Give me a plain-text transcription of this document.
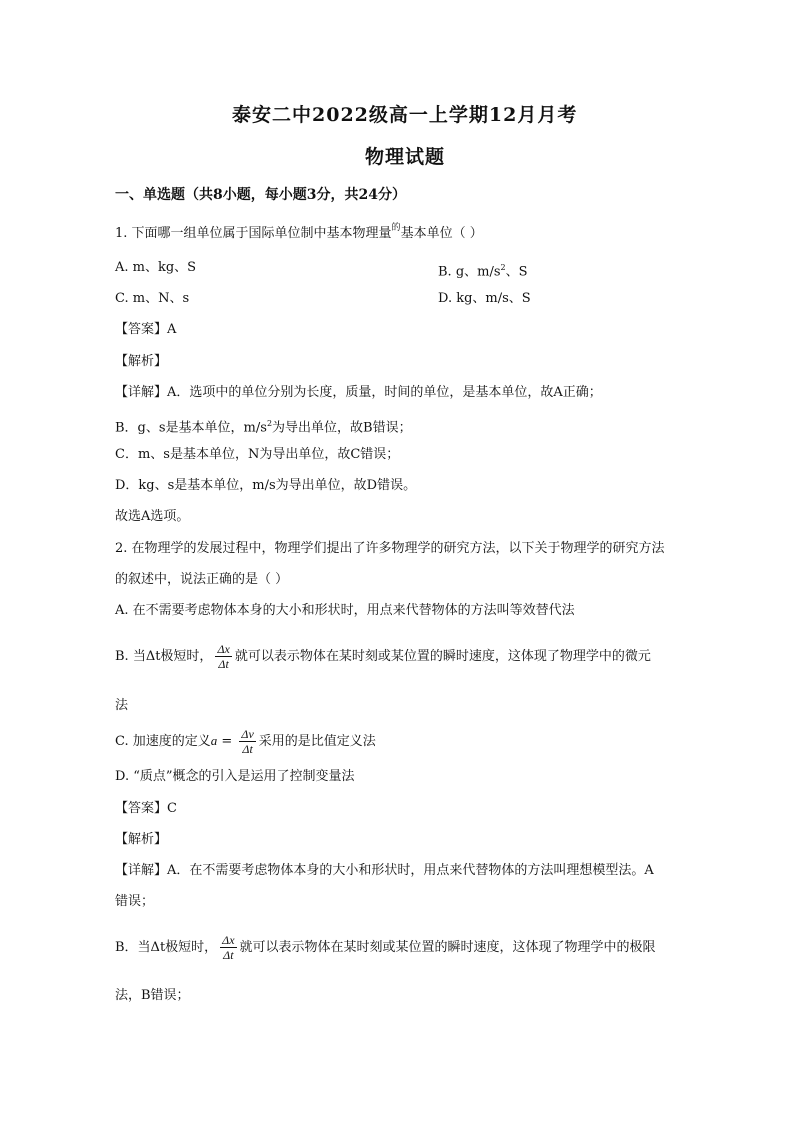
泰安二中2022级高一上学期12月月考
物理试题
一、单选题（共8小题，每小题3分，共24分）
1. 下面哪一组单位属于国际单位制中基本物理量$^的$基本单位（ ）
A. m、kg、S	B. g、$m/s^2$、S
C. m、N、s	D. kg、m/s、S
【答案】A
【解析】
【详解】A．选项中的单位分别为长度，质量，时间的单位，是基本单位，故A正确；
B．g、s是基本单位，$m/s^2$为导出单位，故B错误；
C．m、s是基本单位，N为导出单位，故C错误；
D．kg、s是基本单位，m/s为导出单位，故D错误。
故选A选项。
2. 在物理学的发展过程中，物理学们提出了许多物理学的研究方法，以下关于物理学的研究方法
的叙述中，说法正确的是（ ）
A. 在不需要考虑物体本身的大小和形状时，用点来代替物体的方法叫等效替代法
B. 当Δt极短时， $\frac{\Delta x}{\Delta t}$ 就可以表示物体在某时刻或某位置的瞬时速度，这体现了物理学中的微元
法
C. 加速度的定义$a = \frac{\Delta v}{\Delta t}$ 采用的是比值定义法
D. “质点”概念的引入是运用了控制变量法
【答案】C
【解析】
【详解】A．在不需要考虑物体本身的大小和形状时，用点来代替物体的方法叫理想模型法。A
错误；
B．当Δt极短时， $\frac{\Delta x}{\Delta t}$ 就可以表示物体在某时刻或某位置的瞬时速度，这体现了物理学中的极限
法，B错误；
